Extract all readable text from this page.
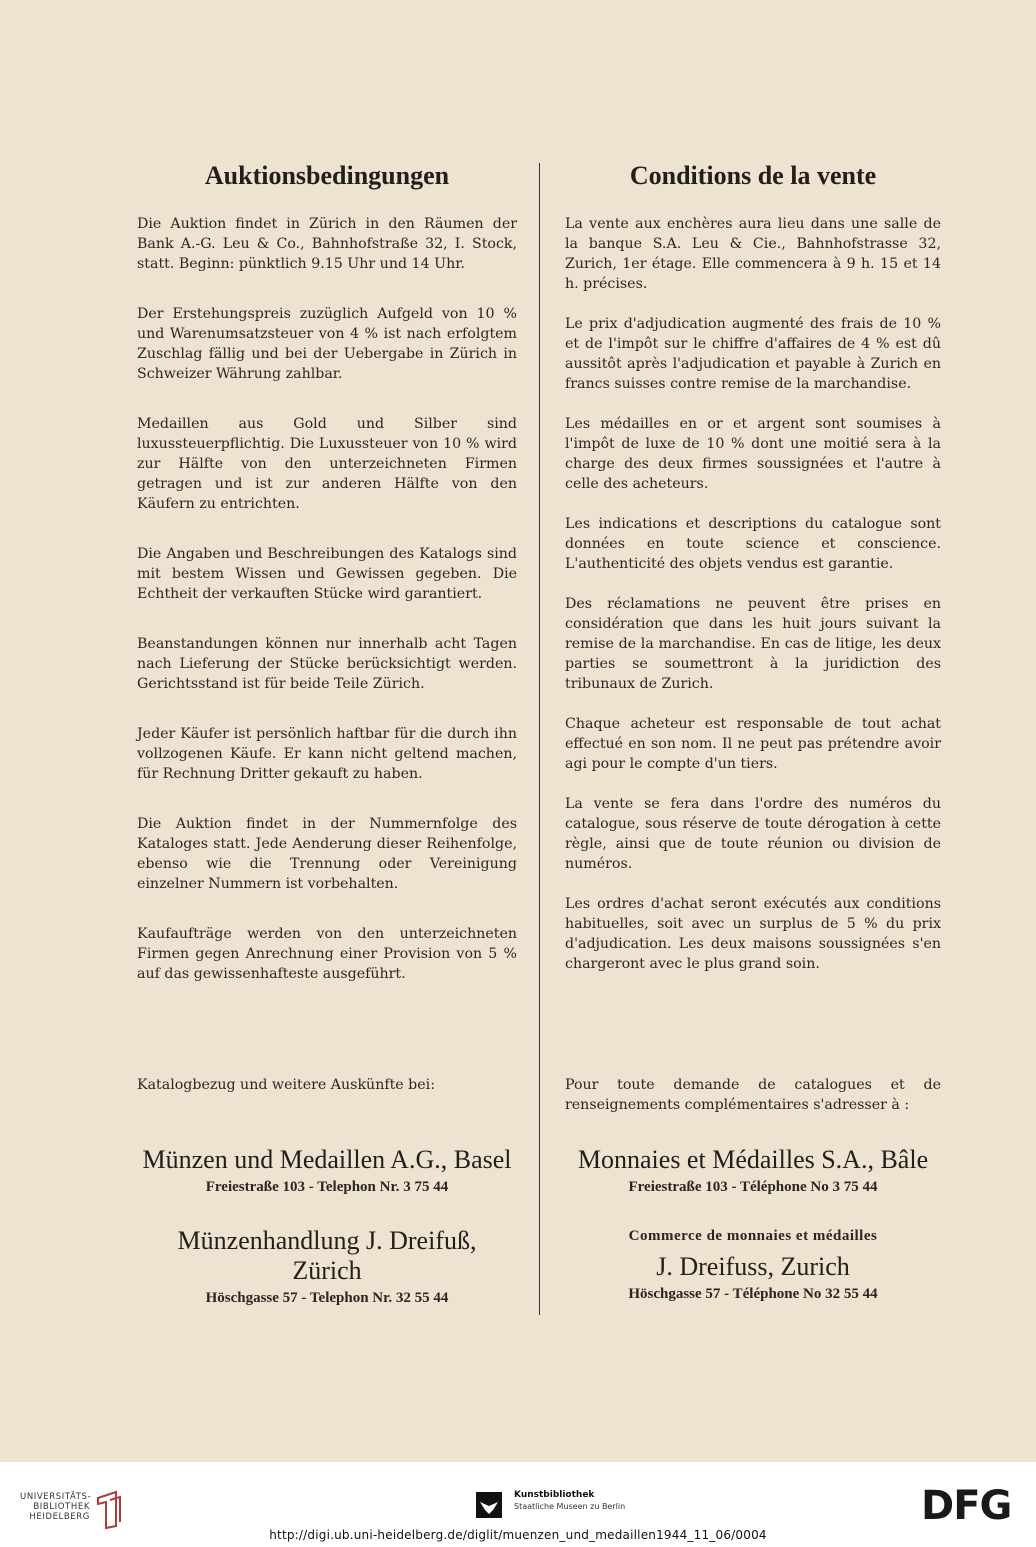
Auktionsbedingungen

Die Auktion findet in Zürich in den Räumen der Bank A.-G. Leu & Co., Bahnhofstraße 32, I. Stock, statt. Beginn: pünktlich 9.15 Uhr und 14 Uhr.

Der Erstehungspreis zuzüglich Aufgeld von 10 % und Warenumsatzsteuer von 4 % ist nach erfolgtem Zuschlag fällig und bei der Uebergabe in Zürich in Schweizer Währung zahlbar.

Medaillen aus Gold und Silber sind luxussteuerpflichtig. Die Luxussteuer von 10 % wird zur Hälfte von den unterzeichneten Firmen getragen und ist zur anderen Hälfte von den Käufern zu entrichten.

Die Angaben und Beschreibungen des Katalogs sind mit bestem Wissen und Gewissen gegeben. Die Echtheit der verkauften Stücke wird garantiert.

Beanstandungen können nur innerhalb acht Tagen nach Lieferung der Stücke berücksichtigt werden. Gerichtsstand ist für beide Teile Zürich.

Jeder Käufer ist persönlich haftbar für die durch ihn vollzogenen Käufe. Er kann nicht geltend machen, für Rechnung Dritter gekauft zu haben.

Die Auktion findet in der Nummernfolge des Kataloges statt. Jede Aenderung dieser Reihenfolge, ebenso wie die Trennung oder Vereinigung einzelner Nummern ist vorbehalten.

Kaufaufträge werden von den unterzeichneten Firmen gegen Anrechnung einer Provision von 5 % auf das gewissenhafteste ausgeführt.

Katalogbezug und weitere Auskünfte bei:

Münzen und Medaillen A.G., Basel
Freiestraße 103 - Telephon Nr. 3 75 44
Münzenhandlung J. Dreifuß,
Zürich
Höschgasse 57 - Telephon Nr. 32 55 44
Conditions de la vente

La vente aux enchères aura lieu dans une salle de la banque S.A. Leu & Cie., Bahnhofstrasse 32, Zurich, 1er étage. Elle commencera à 9 h. 15 et 14 h. précises.

Le prix d'adjudication augmenté des frais de 10 % et de l'impôt sur le chiffre d'affaires de 4 % est dû aussitôt après l'adjudication et payable à Zurich en francs suisses contre remise de la marchandise.

Les médailles en or et argent sont soumises à l'impôt de luxe de 10 % dont une moitié sera à la charge des deux firmes soussignées et l'autre à celle des acheteurs.

Les indications et descriptions du catalogue sont données en toute science et conscience. L'authenticité des objets vendus est garantie.

Des réclamations ne peuvent être prises en considération que dans les huit jours suivant la remise de la marchandise. En cas de litige, les deux parties se soumettront à la juridiction des tribunaux de Zurich.

Chaque acheteur est responsable de tout achat effectué en son nom. Il ne peut pas prétendre avoir agi pour le compte d'un tiers.

La vente se fera dans l'ordre des numéros du catalogue, sous réserve de toute dérogation à cette règle, ainsi que de toute réunion ou division de numéros.

Les ordres d'achat seront exécutés aux conditions habituelles, soit avec un surplus de 5 % du prix d'adjudication. Les deux maisons soussignées s'en chargeront avec le plus grand soin.

Pour toute demande de catalogues et de renseignements complémentaires s'adresser à :

Monnaies et Médailles S.A., Bâle
Freiestraße 103 - Téléphone No 3 75 44
Commerce de monnaies et médailles
J. Dreifuss, Zurich
Höschgasse 57 - Téléphone No 32 55 44
UNIVERSITÄTS-
BIBLIOTHEK
HEIDELBERG
Kunstbibliothek
Staatliche Museen zu Berlin	DFG
http://digi.ub.uni-heidelberg.de/diglit/muenzen_und_medaillen1944_11_06/0004
